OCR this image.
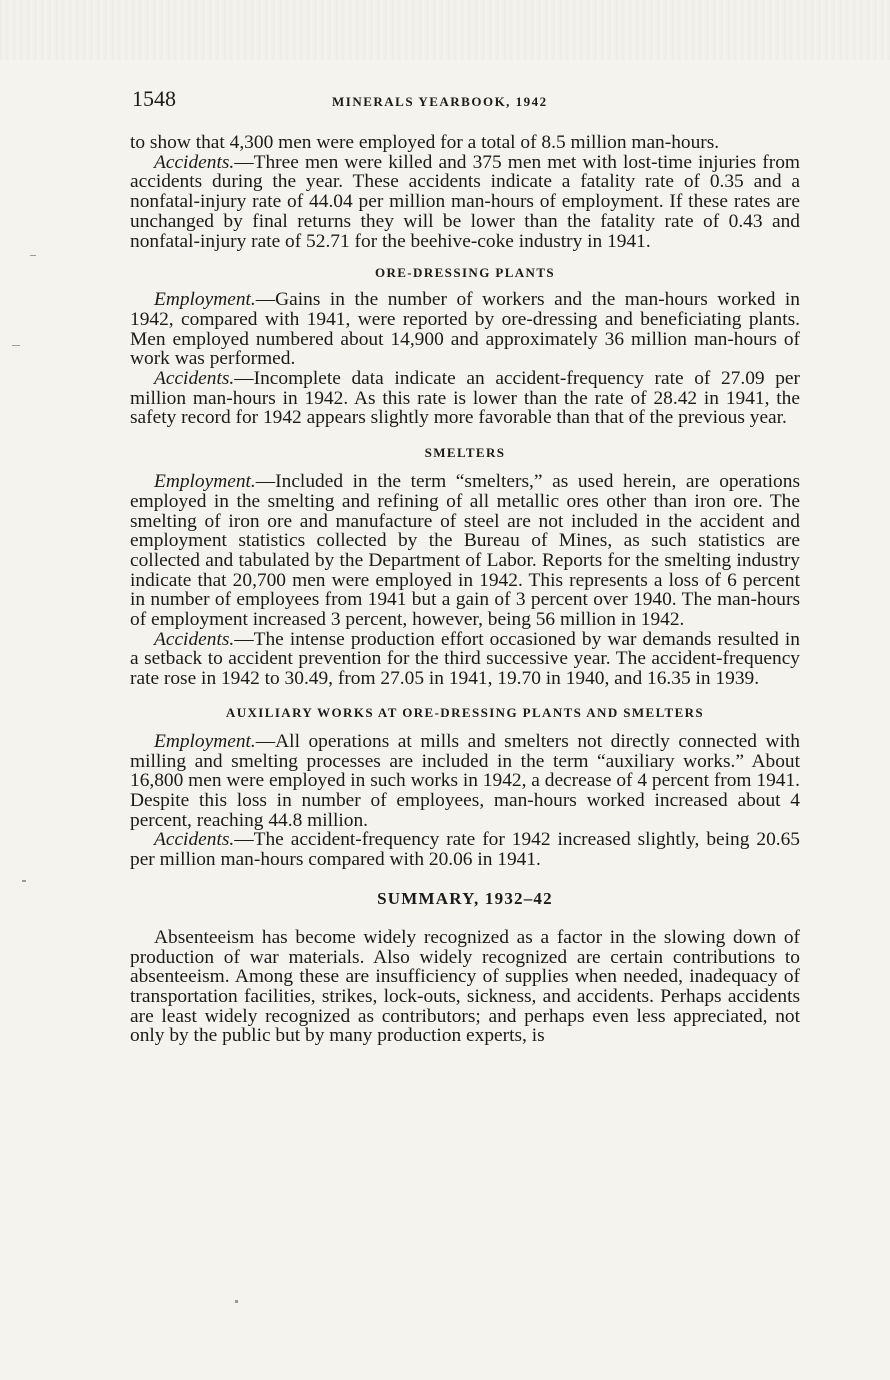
1548	MINERALS YEARBOOK, 1942

to show that 4,300 men were employed for a total of 8.5 million man-hours.

Accidents.—Three men were killed and 375 men met with lost-time injuries from accidents during the year. These accidents indicate a fatality rate of 0.35 and a nonfatal-injury rate of 44.04 per million man-hours of employment. If these rates are unchanged by final returns they will be lower than the fatality rate of 0.43 and nonfatal-injury rate of 52.71 for the beehive-coke industry in 1941.

ORE-DRESSING PLANTS

Employment.—Gains in the number of workers and the man-hours worked in 1942, compared with 1941, were reported by ore-dressing and beneficiating plants. Men employed numbered about 14,900 and approximately 36 million man-hours of work was performed.

Accidents.—Incomplete data indicate an accident-frequency rate of 27.09 per million man-hours in 1942. As this rate is lower than the rate of 28.42 in 1941, the safety record for 1942 appears slightly more favorable than that of the previous year.

SMELTERS

Employment.—Included in the term “smelters,” as used herein, are operations employed in the smelting and refining of all metallic ores other than iron ore. The smelting of iron ore and manufacture of steel are not included in the accident and employment statistics collected by the Bureau of Mines, as such statistics are collected and tabulated by the Department of Labor. Reports for the smelting industry indicate that 20,700 men were employed in 1942. This represents a loss of 6 percent in number of employees from 1941 but a gain of 3 percent over 1940. The man-hours of employment increased 3 percent, however, being 56 million in 1942.

Accidents.—The intense production effort occasioned by war demands resulted in a setback to accident prevention for the third successive year. The accident-frequency rate rose in 1942 to 30.49, from 27.05 in 1941, 19.70 in 1940, and 16.35 in 1939.

AUXILIARY WORKS AT ORE-DRESSING PLANTS AND SMELTERS

Employment.—All operations at mills and smelters not directly connected with milling and smelting processes are included in the term “auxiliary works.” About 16,800 men were employed in such works in 1942, a decrease of 4 percent from 1941. Despite this loss in number of employees, man-hours worked increased about 4 percent, reaching 44.8 million.

Accidents.—The accident-frequency rate for 1942 increased slightly, being 20.65 per million man-hours compared with 20.06 in 1941.

SUMMARY, 1932–42

Absenteeism has become widely recognized as a factor in the slowing down of production of war materials. Also widely recognized are certain contributions to absenteeism. Among these are insufficiency of supplies when needed, inadequacy of transportation facilities, strikes, lock-outs, sickness, and accidents. Perhaps accidents are least widely recognized as contributors; and perhaps even less appreciated, not only by the public but by many production experts, is
